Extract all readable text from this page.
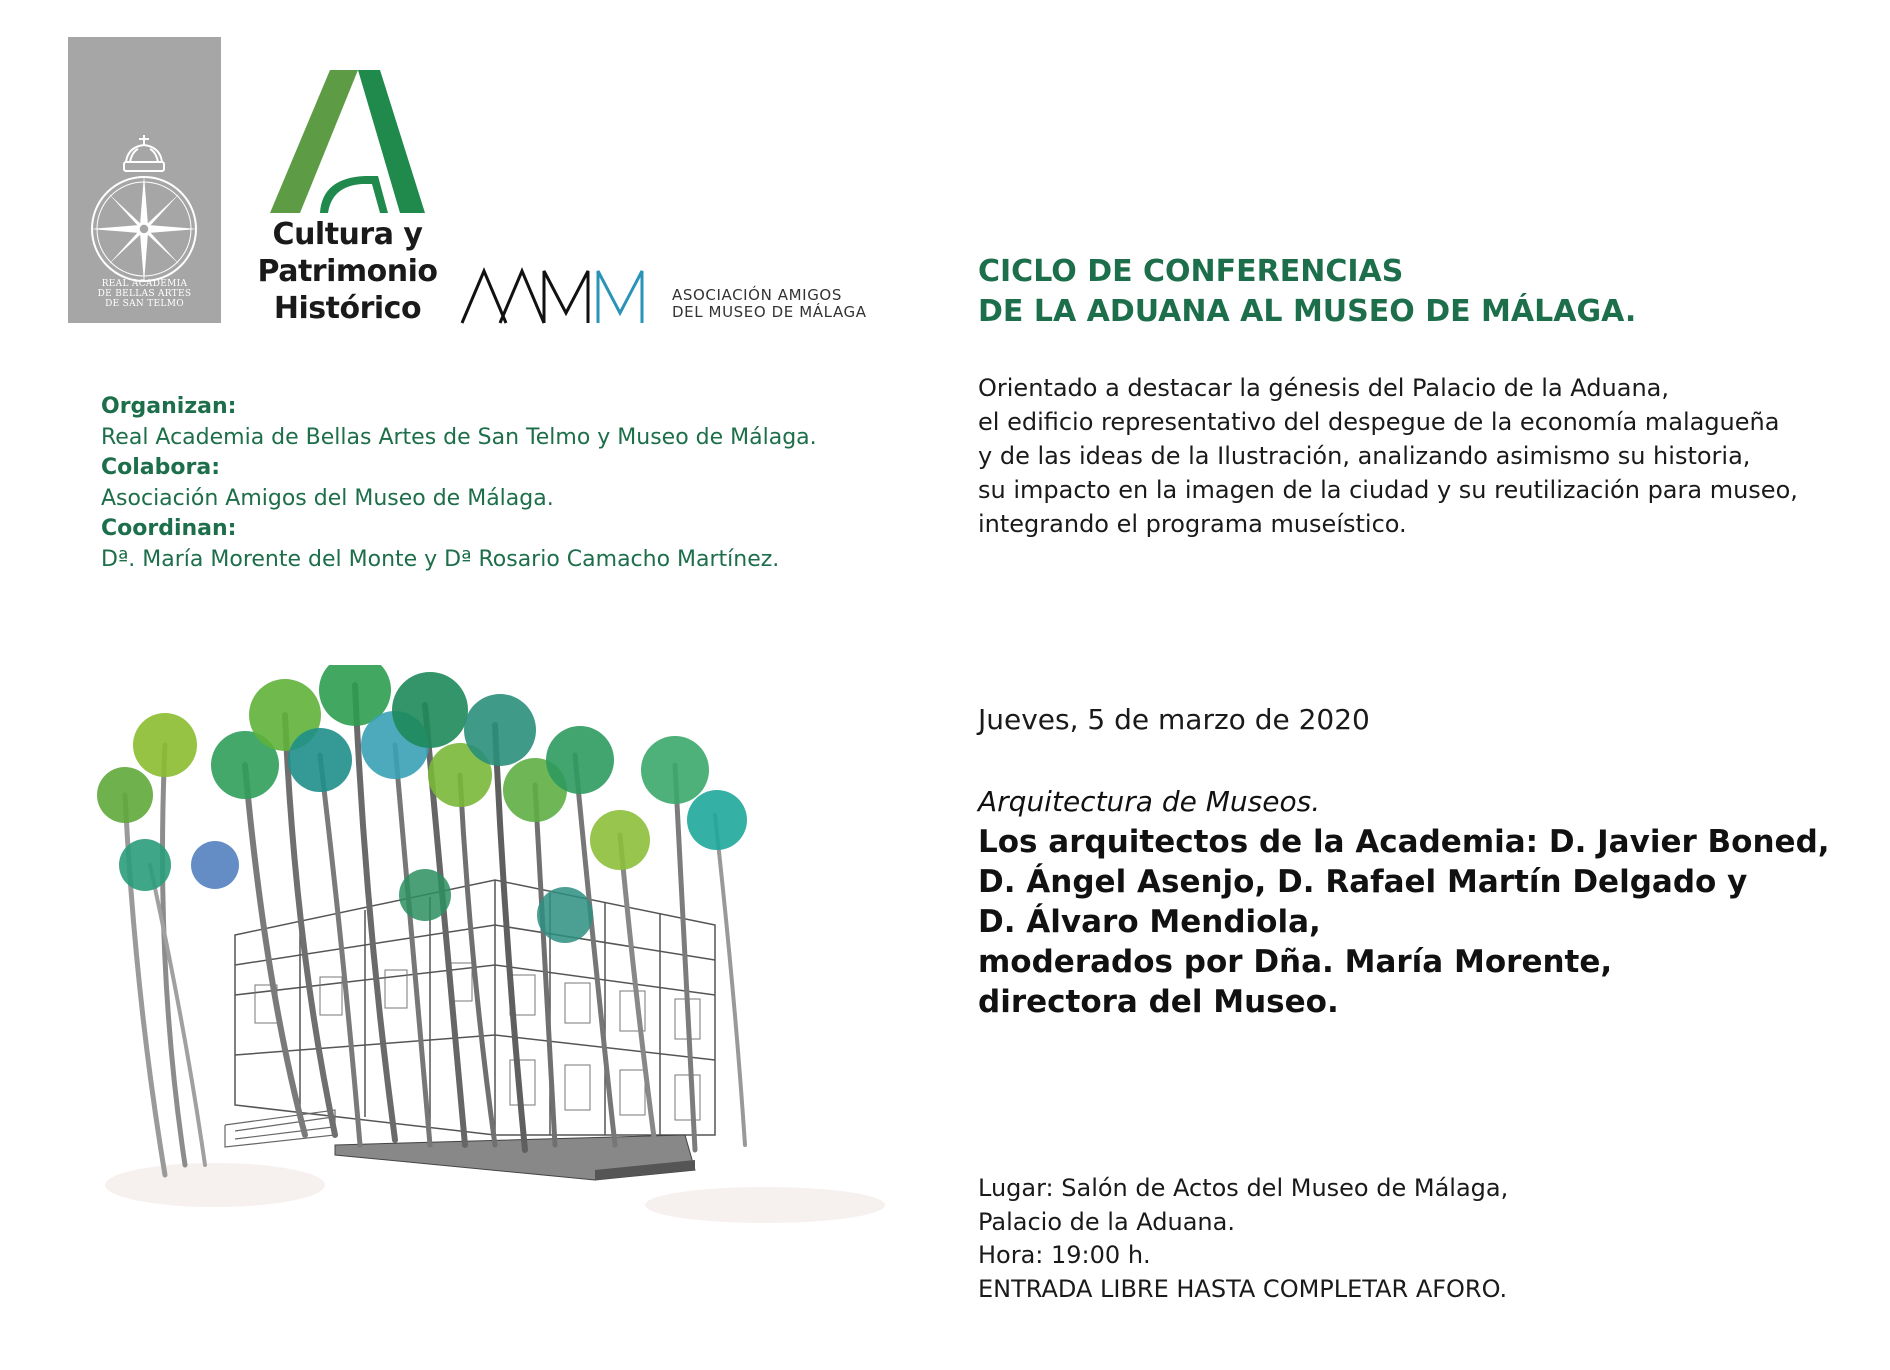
REAL ACADEMIA
DE BELLAS ARTES
DE SAN TELMO
Cultura y
Patrimonio
Histórico	ASOCIACIÓN AMIGOS
DEL MUSEO DE MÁLAGA
Organizan:
Real Academia de Bellas Artes de San Telmo y Museo de Málaga.
Colabora:
Asociación Amigos del Museo de Málaga.
Coordinan:
Dª. María Morente del Monte y Dª Rosario Camacho Martínez.
CICLO DE CONFERENCIAS
DE LA ADUANA AL MUSEO DE MÁLAGA.
Orientado a destacar la génesis del Palacio de la Aduana,
el edificio representativo del despegue de la economía malagueña
y de las ideas de la Ilustración, analizando asimismo su historia,
su impacto en la imagen de la ciudad y su reutilización para museo,
integrando el programa museístico.
Jueves, 5 de marzo de 2020
Arquitectura de Museos.
Los arquitectos de la Academia: D. Javier Boned,
D. Ángel Asenjo, D. Rafael Martín Delgado y
D. Álvaro Mendiola,
moderados por Dña. María Morente,
directora del Museo.
Lugar: Salón de Actos del Museo de Málaga,
Palacio de la Aduana.
Hora: 19:00 h.
ENTRADA LIBRE HASTA COMPLETAR AFORO.
